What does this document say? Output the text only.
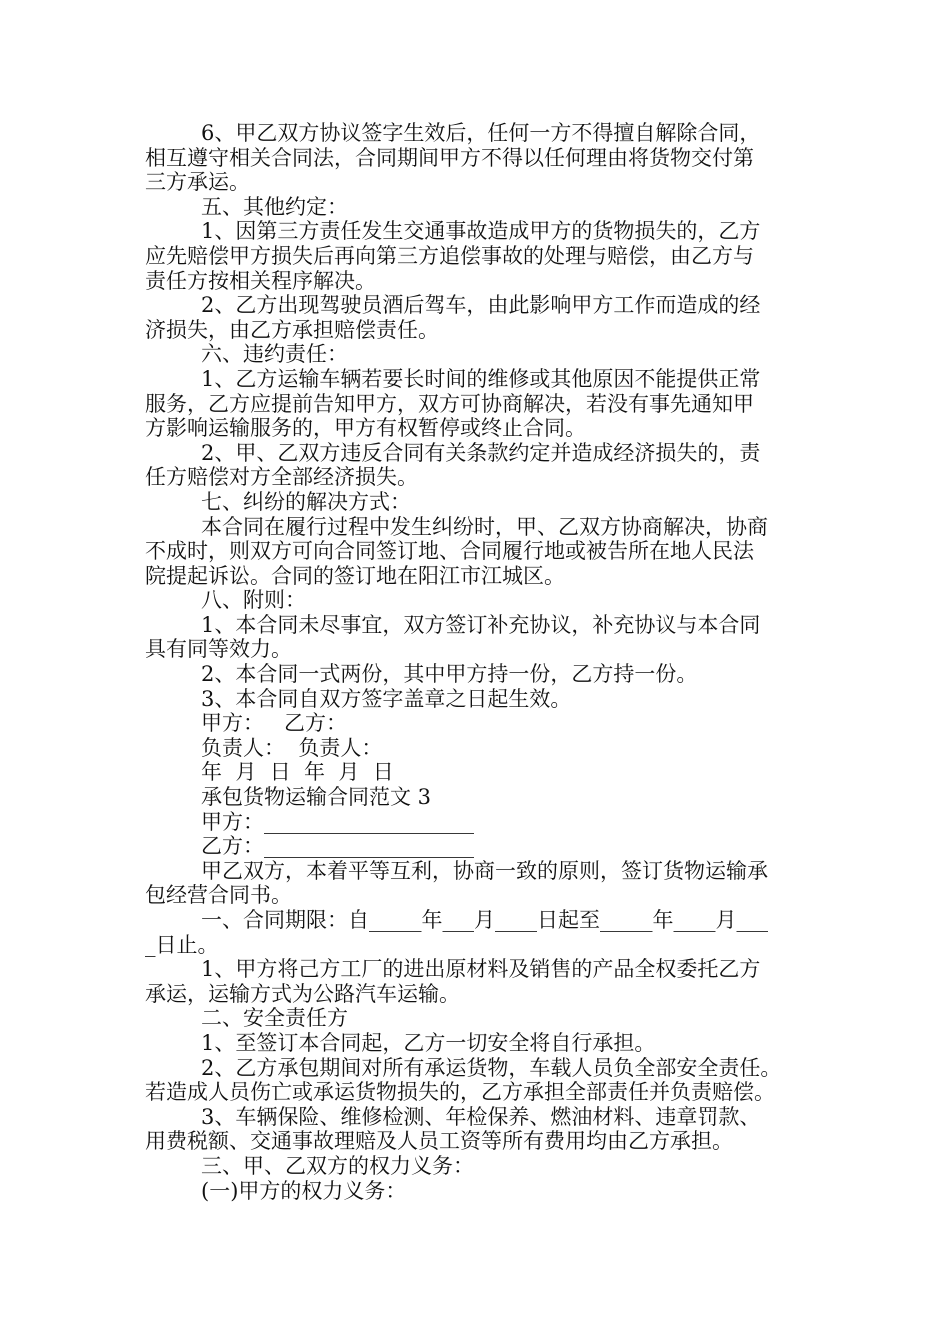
6、甲乙双方协议签字生效后，任何一方不得擅自解除合同，
相互遵守相关合同法，合同期间甲方不得以任何理由将货物交付第
三方承运。
五、其他约定：
1、因第三方责任发生交通事故造成甲方的货物损失的，乙方
应先赔偿甲方损失后再向第三方追偿事故的处理与赔偿，由乙方与
责任方按相关程序解决。
2、乙方出现驾驶员酒后驾车，由此影响甲方工作而造成的经
济损失，由乙方承担赔偿责任。
六、违约责任：
1、乙方运输车辆若要长时间的维修或其他原因不能提供正常
服务，乙方应提前告知甲方，双方可协商解决，若没有事先通知甲
方影响运输服务的，甲方有权暂停或终止合同。
2、甲、乙双方违反合同有关条款约定并造成经济损失的，责
任方赔偿对方全部经济损失。
七、纠纷的解决方式：
本合同在履行过程中发生纠纷时，甲、乙双方协商解决，协商
不成时，则双方可向合同签订地、合同履行地或被告所在地人民法
院提起诉讼。合同的签订地在阳江市江城区。
八、附则：
1、本合同未尽事宜，双方签订补充协议，补充协议与本合同
具有同等效力。
2、本合同一式两份，其中甲方持一份，乙方持一份。
3、本合同自双方签字盖章之日起生效。
甲方：   乙方：
负责人：  负责人：
年  月  日  年  月  日
承包货物运输合同范文 3
甲方：____________________
乙方：____________________
甲乙双方，本着平等互利，协商一致的原则，签订货物运输承
包经营合同书。
一、合同期限：自_____年___月____日起至_____年____月___
_日止。
1、甲方将己方工厂的进出原材料及销售的产品全权委托乙方
承运，运输方式为公路汽车运输。
二、安全责任方
1、至签订本合同起，乙方一切安全将自行承担。
2、乙方承包期间对所有承运货物，车载人员负全部安全责任。
若造成人员伤亡或承运货物损失的，乙方承担全部责任并负责赔偿。
3、车辆保险、维修检测、年检保养、燃油材料、违章罚款、
用费税额、交通事故理赔及人员工资等所有费用均由乙方承担。
三、甲、乙双方的权力义务：
(一)甲方的权力义务：
